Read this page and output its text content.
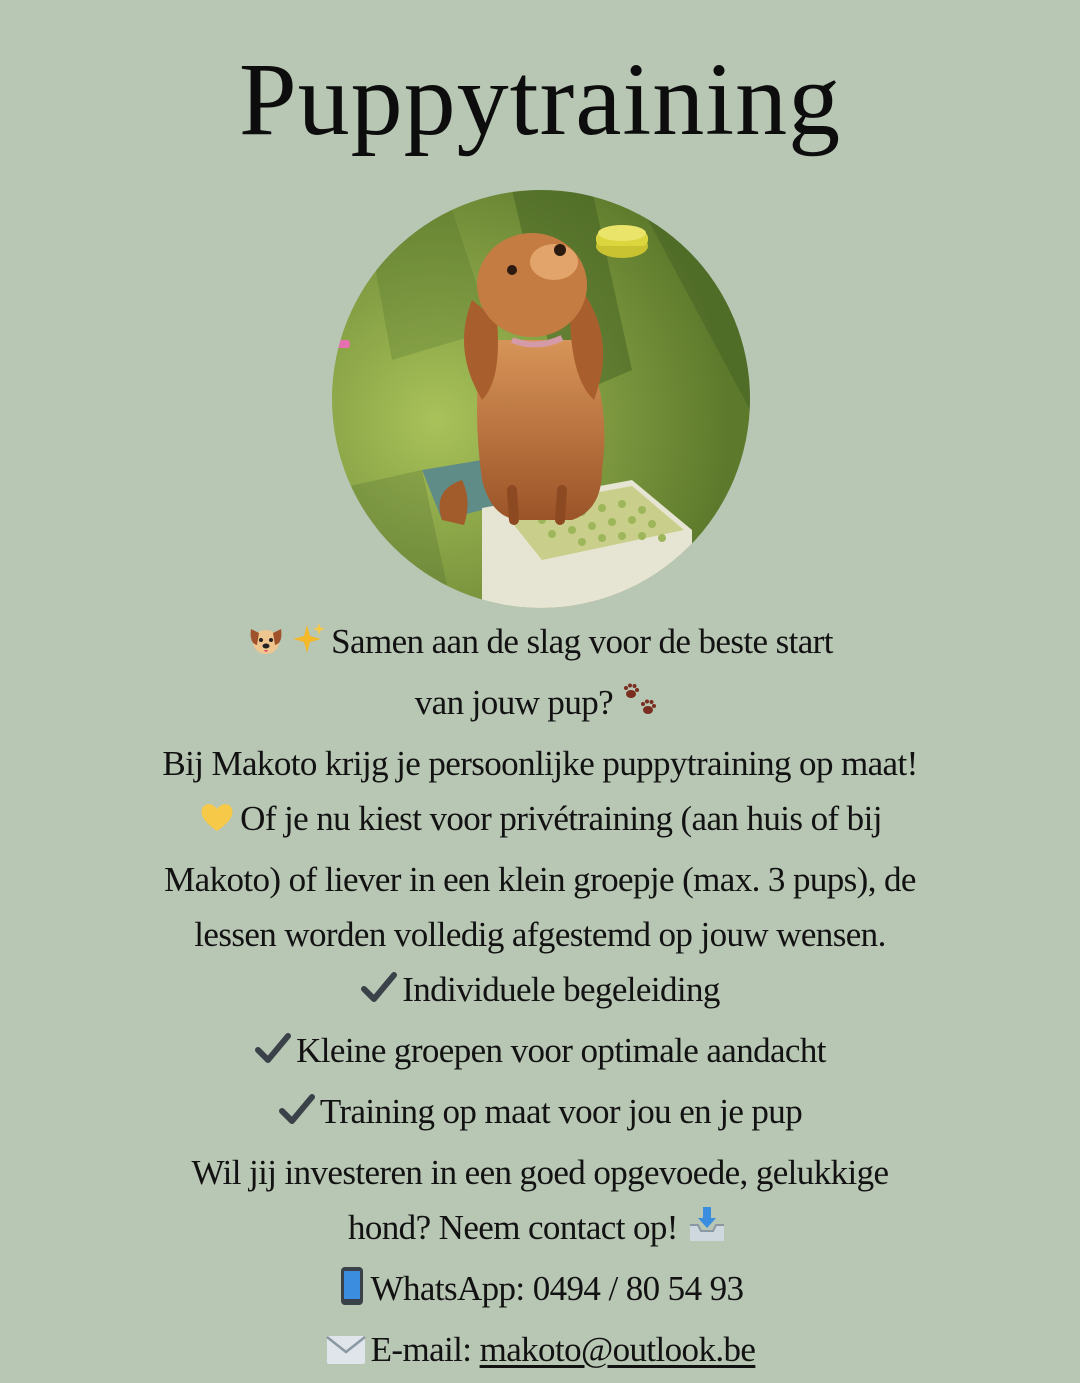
Puppytraining
Samen aan de slag voor de beste start
van jouw pup?
Bij Makoto krijg je persoonlijke puppytraining op maat!
Of je nu kiest voor privétraining (aan huis of bij
Makoto) of liever in een klein groepje (max. 3 pups), de
lessen worden volledig afgestemd op jouw wensen.
Individuele begeleiding
Kleine groepen voor optimale aandacht
Training op maat voor jou en je pup
Wil jij investeren in een goed opgevoede, gelukkige
hond? Neem contact op!
WhatsApp: 0494 / 80 54 93
E-mail: makoto@outlook.be
